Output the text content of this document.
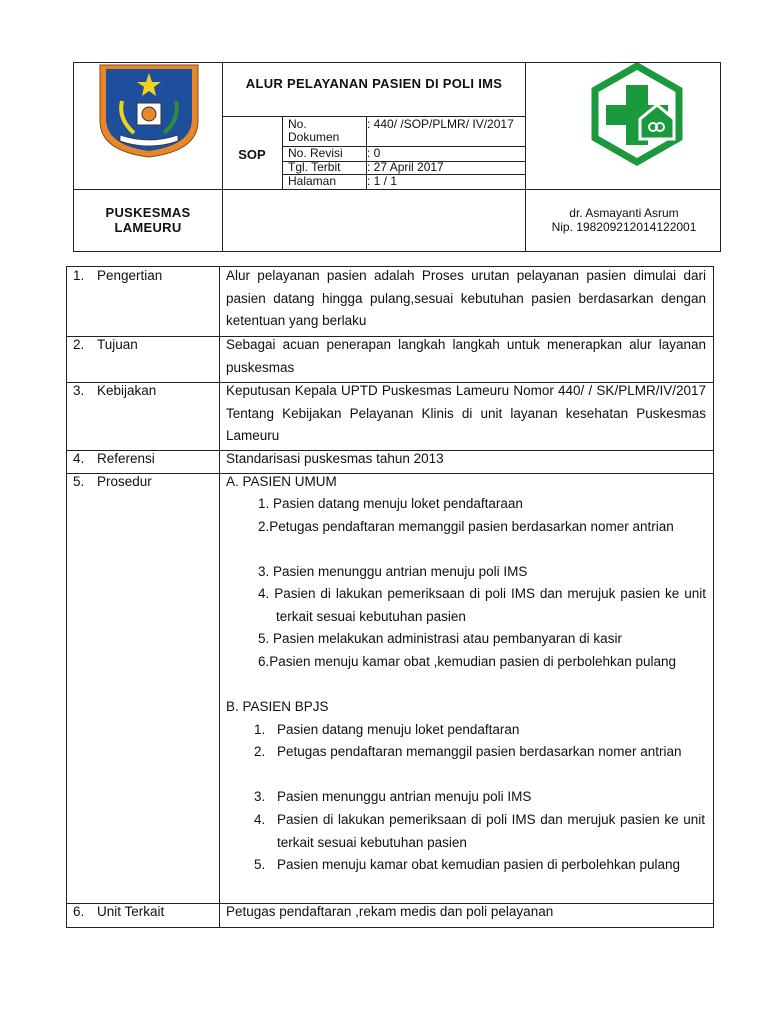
ALUR PELAYANAN PASIEN DI POLI IMS
SOP
No. Dokumen
: 440/ /SOP/PLMR/ IV/2017
No. Revisi : 0
Tgl. Terbit : 27 April 2017
Halaman	: 1 / 1
PUSKESMAS LAMEURU
dr. Asmayanti Asrum
Nip. 198209212014122001
1. Pengertian	Alur pelayanan pasien adalah Proses urutan pelayanan pasien dimulai dari pasien datang hingga pulang,sesuai kebutuhan pasien berdasarkan dengan ketentuan yang berlaku
2. Tujuan	Sebagai acuan penerapan langkah langkah untuk menerapkan alur layanan puskesmas
3. Kebijakan	Keputusan Kepala UPTD Puskesmas Lameuru Nomor 440/ / SK/PLMR/IV/2017 Tentang Kebijakan Pelayanan Klinis di unit layanan kesehatan Puskesmas Lameuru
4. Referensi	Standarisasi puskesmas tahun 2013
5. Prosedur	A. PASIEN UMUM
1. Pasien datang menuju loket pendaftaraan
2.Petugas pendaftaran memanggil pasien berdasarkan nomer antrian
3. Pasien menunggu antrian menuju poli IMS
4. Pasien di lakukan pemeriksaan di poli IMS dan merujuk pasien ke unit terkait sesuai kebutuhan pasien
5. Pasien melakukan administrasi atau pembanyaran di kasir
6.Pasien menuju kamar obat ,kemudian pasien di perbolehkan pulang
B. PASIEN BPJS
1. Pasien datang menuju loket pendaftaran
2. Petugas pendaftaran memanggil pasien berdasarkan nomer antrian
3. Pasien menunggu antrian menuju poli IMS
4. Pasien di lakukan pemeriksaan di poli IMS dan merujuk pasien ke unit terkait sesuai kebutuhan pasien
5. Pasien menuju kamar obat kemudian pasien di perbolehkan pulang
6. Unit Terkait	Petugas pendaftaran ,rekam medis dan poli pelayanan
